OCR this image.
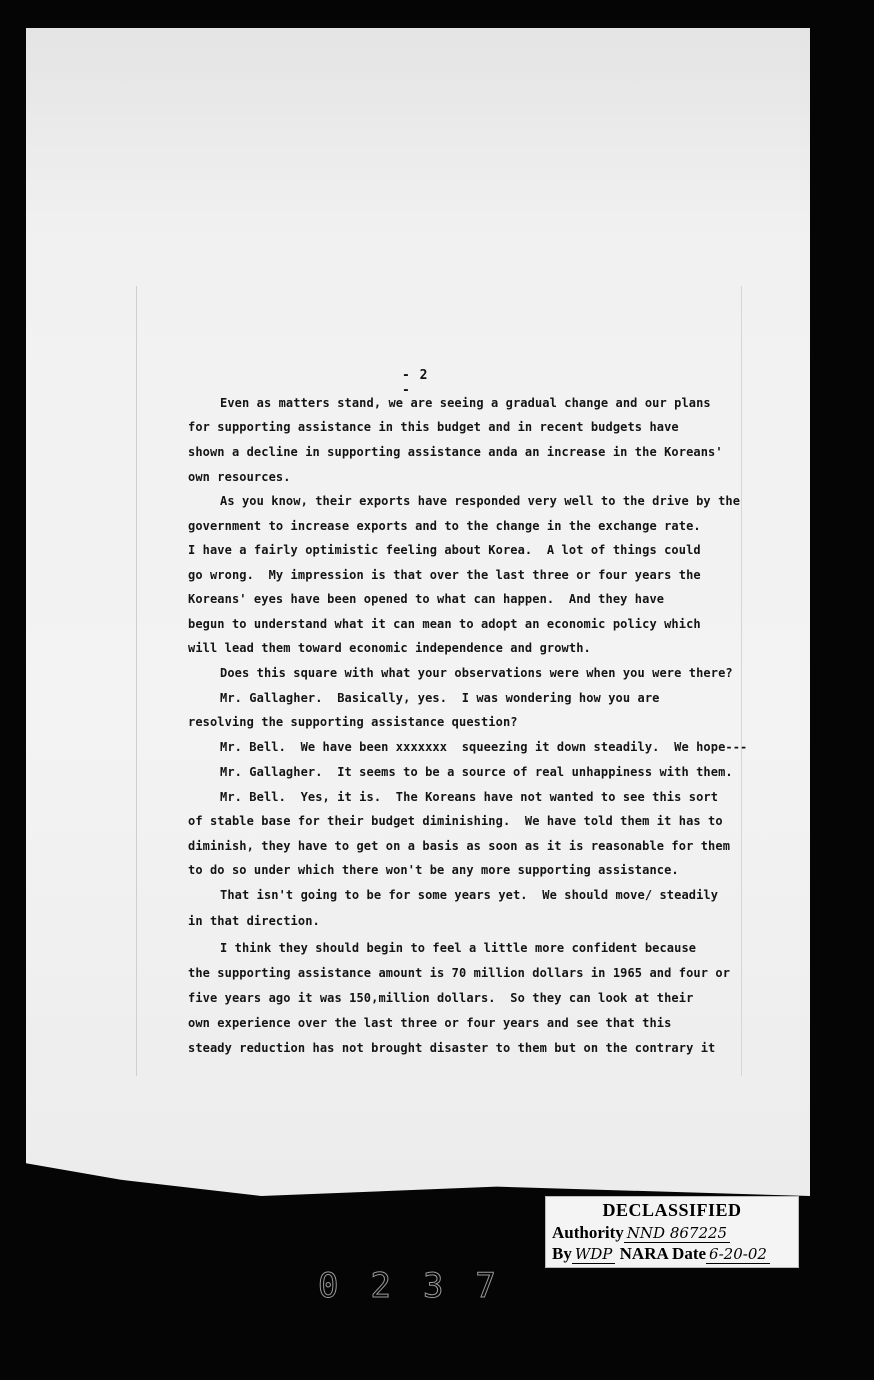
- 2 -
Even as matters stand, we are seeing a gradual change and our plans
for supporting assistance in this budget and in recent budgets have
shown a decline in supporting assistance anda an increase in the Koreans'
own resources.
As you know, their exports have responded very well to the drive by the
government to increase exports and to the change in the exchange rate.
I have a fairly optimistic feeling about Korea.  A lot of things could
go wrong.  My impression is that over the last three or four years the
Koreans' eyes have been opened to what can happen.  And they have
begun to understand what it can mean to adopt an economic policy which
will lead them toward economic independence and growth.
Does this square with what your observations were when you were there?
Mr. Gallagher.  Basically, yes.  I was wondering how you are
resolving the supporting assistance question?
Mr. Bell.  We have been xxxxxxx  squeezing it down steadily.  We hope---
Mr. Gallagher.  It seems to be a source of real unhappiness with them.
Mr. Bell.  Yes, it is.  The Koreans have not wanted to see this sort
of stable base for their budget diminishing.  We have told them it has to
diminish, they have to get on a basis as soon as it is reasonable for them
to do so under which there won't be any more supporting assistance.
That isn't going to be for some years yet.  We should move/ steadily
in that direction.
I think they should begin to feel a little more confident because
the supporting assistance amount is 70 million dollars in 1965 and four or
five years ago it was 150,million dollars.  So they can look at their
own experience over the last three or four years and see that this
steady reduction has not brought disaster to them but on the contrary it
DECLASSIFIED
Authority NND 867225
By WDP NARA Date 6-20-02
0237
